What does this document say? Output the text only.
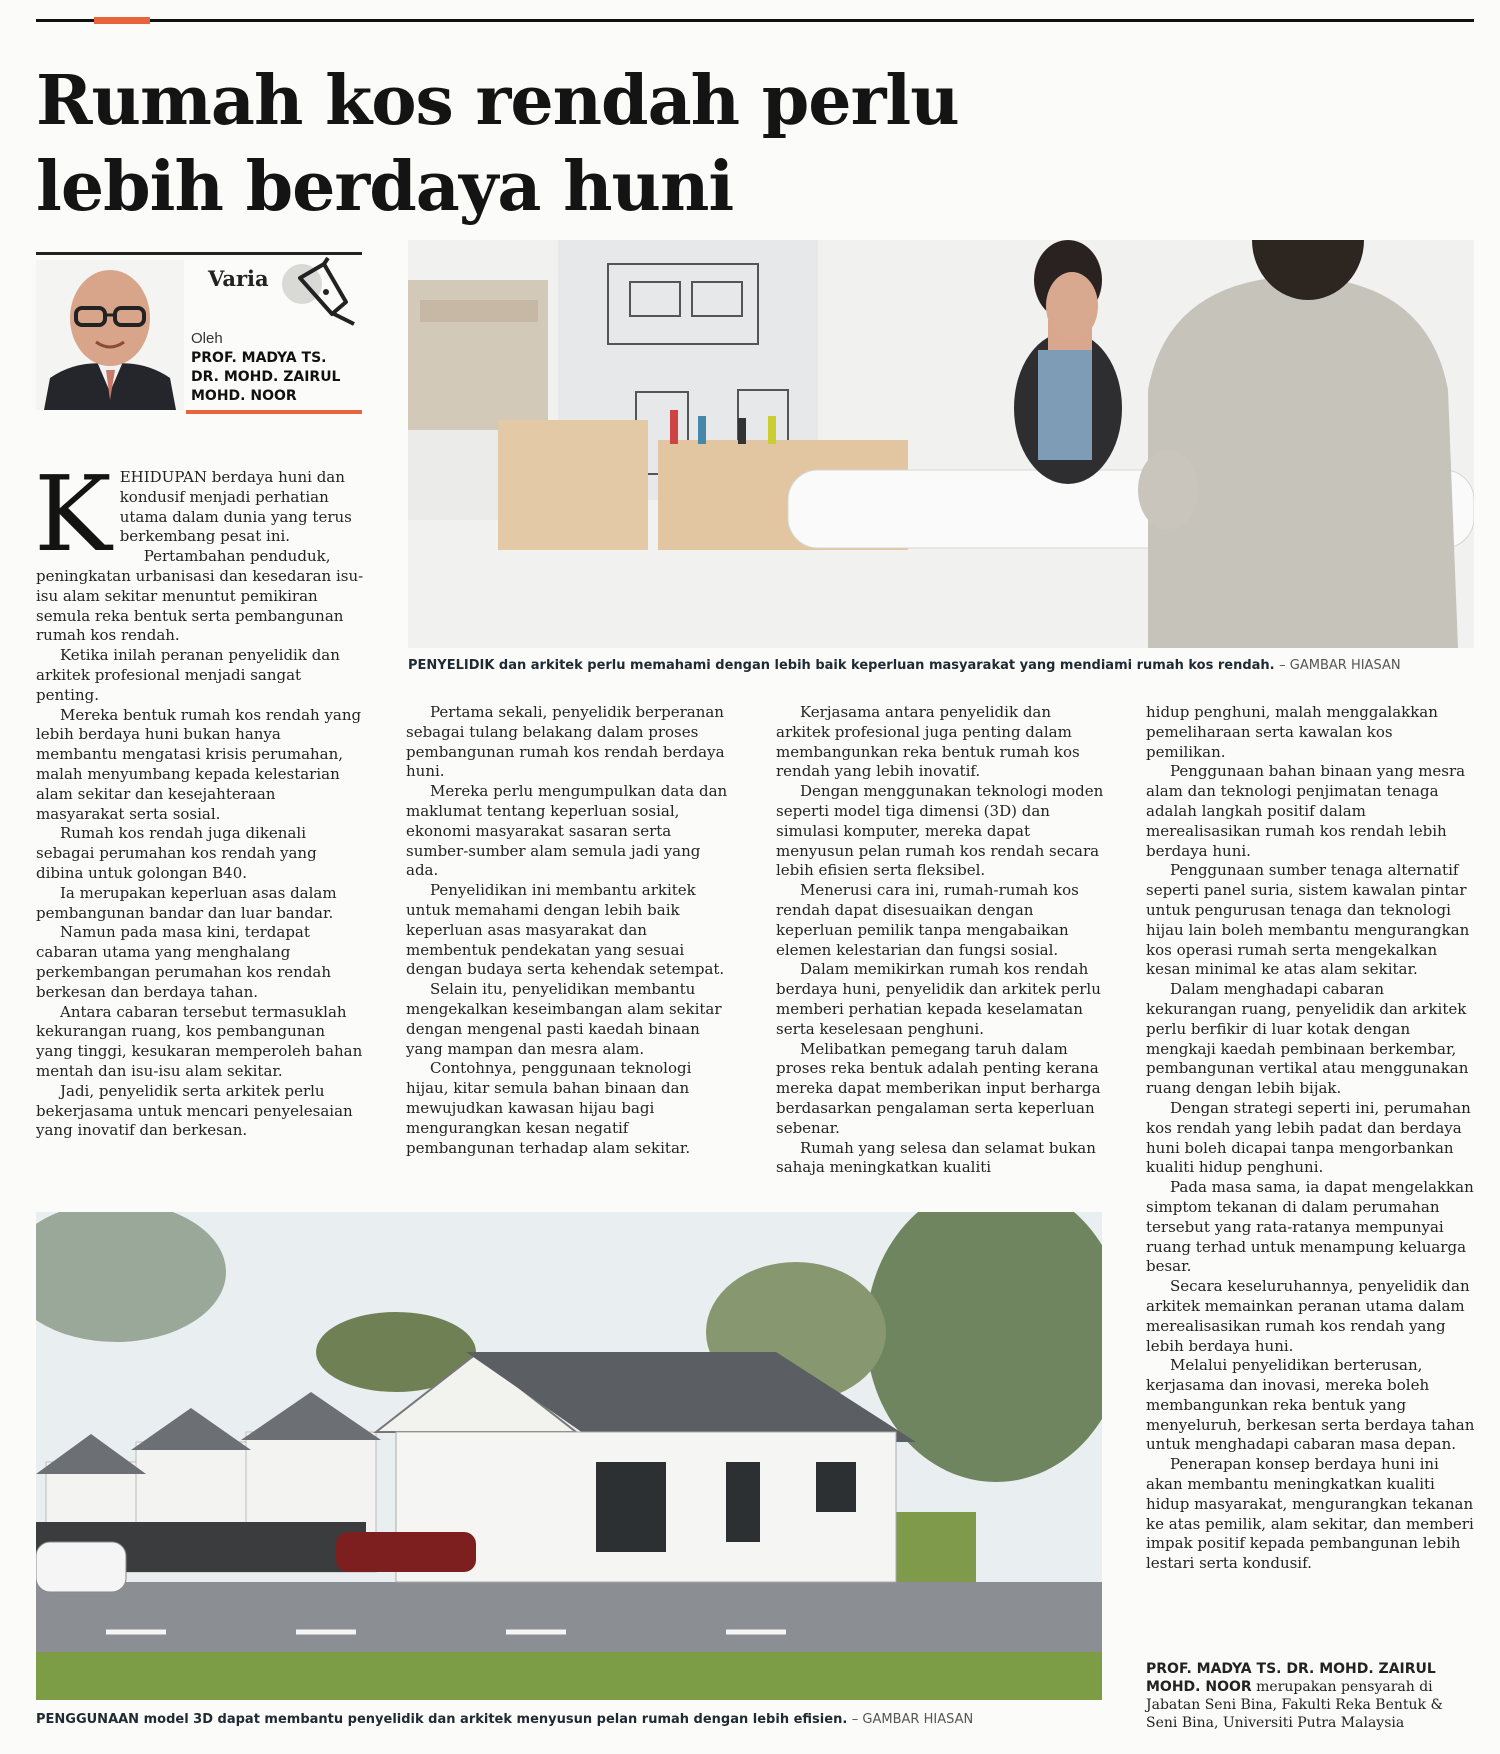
Rumah kos rendah perlu lebih berdaya huni
Varia
Oleh
PROF. MADYA TS. DR. MOHD. ZAIRUL MOHD. NOOR

KEHIDUPAN berdaya huni dan kondusif menjadi perhatian utama dalam dunia yang terus berkembang pesat ini.

Pertambahan penduduk, peningkatan urbanisasi dan kesedaran isu-isu alam sekitar menuntut pemikiran semula reka bentuk serta pembangunan rumah kos rendah.

Ketika inilah peranan penyelidik dan arkitek profesional menjadi sangat penting.

Mereka bentuk rumah kos rendah yang lebih berdaya huni bukan hanya membantu mengatasi krisis perumahan, malah menyumbang kepada kelestarian alam sekitar dan kesejahteraan masyarakat serta sosial.

Rumah kos rendah juga dikenali sebagai perumahan kos rendah yang dibina untuk golongan B40.

Ia merupakan keperluan asas dalam pembangunan bandar dan luar bandar.

Namun pada masa kini, terdapat cabaran utama yang menghalang perkembangan perumahan kos rendah berkesan dan berdaya tahan.

Antara cabaran tersebut termasuklah kekurangan ruang, kos pembangunan yang tinggi, kesukaran memperoleh bahan mentah dan isu-isu alam sekitar.

Jadi, penyelidik serta arkitek perlu bekerjasama untuk mencari penyelesaian yang inovatif dan berkesan.

PENYELIDIK dan arkitek perlu memahami dengan lebih baik keperluan masyarakat yang mendiami rumah kos rendah. – GAMBAR HIASAN

Pertama sekali, penyelidik berperanan sebagai tulang belakang dalam proses pembangunan rumah kos rendah berdaya huni.

Mereka perlu mengumpulkan data dan maklumat tentang keperluan sosial, ekonomi masyarakat sasaran serta sumber-sumber alam semula jadi yang ada.

Penyelidikan ini membantu arkitek untuk memahami dengan lebih baik keperluan asas masyarakat dan membentuk pendekatan yang sesuai dengan budaya serta kehendak setempat.

Selain itu, penyelidikan membantu mengekalkan keseimbangan alam sekitar dengan mengenal pasti kaedah binaan yang mampan dan mesra alam.

Contohnya, penggunaan teknologi hijau, kitar semula bahan binaan dan mewujudkan kawasan hijau bagi mengurangkan kesan negatif pembangunan terhadap alam sekitar.

Kerjasama antara penyelidik dan arkitek profesional juga penting dalam membangunkan reka bentuk rumah kos rendah yang lebih inovatif.

Dengan menggunakan teknologi moden seperti model tiga dimensi (3D) dan simulasi komputer, mereka dapat menyusun pelan rumah kos rendah secara lebih efisien serta fleksibel.

Menerusi cara ini, rumah-rumah kos rendah dapat disesuaikan dengan keperluan pemilik tanpa mengabaikan elemen kelestarian dan fungsi sosial.

Dalam memikirkan rumah kos rendah berdaya huni, penyelidik dan arkitek perlu memberi perhatian kepada keselamatan serta keselesaan penghuni.

Melibatkan pemegang taruh dalam proses reka bentuk adalah penting kerana mereka dapat memberikan input berharga berdasarkan pengalaman serta keperluan sebenar.

Rumah yang selesa dan selamat bukan sahaja meningkatkan kualiti

hidup penghuni, malah menggalakkan pemeliharaan serta kawalan kos pemilikan.

Penggunaan bahan binaan yang mesra alam dan teknologi penjimatan tenaga adalah langkah positif dalam merealisasikan rumah kos rendah lebih berdaya huni.

Penggunaan sumber tenaga alternatif seperti panel suria, sistem kawalan pintar untuk pengurusan tenaga dan teknologi hijau lain boleh membantu mengurangkan kos operasi rumah serta mengekalkan kesan minimal ke atas alam sekitar.

Dalam menghadapi cabaran kekurangan ruang, penyelidik dan arkitek perlu berfikir di luar kotak dengan mengkaji kaedah pembinaan berkembar, pembangunan vertikal atau menggunakan ruang dengan lebih bijak.

Dengan strategi seperti ini, perumahan kos rendah yang lebih padat dan berdaya huni boleh dicapai tanpa mengorbankan kualiti hidup penghuni.

Pada masa sama, ia dapat mengelakkan simptom tekanan di dalam perumahan tersebut yang rata-ratanya mempunyai ruang terhad untuk menampung keluarga besar.

Secara keseluruhannya, penyelidik dan arkitek memainkan peranan utama dalam merealisasikan rumah kos rendah yang lebih berdaya huni.

Melalui penyelidikan berterusan, kerjasama dan inovasi, mereka boleh membangunkan reka bentuk yang menyeluruh, berkesan serta berdaya tahan untuk menghadapi cabaran masa depan.

Penerapan konsep berdaya huni ini akan membantu meningkatkan kualiti hidup masyarakat, mengurangkan tekanan ke atas pemilik, alam sekitar, dan memberi impak positif kepada pembangunan lebih lestari serta kondusif.

PENGGUNAAN model 3D dapat membantu penyelidik dan arkitek menyusun pelan rumah dengan lebih efisien. – GAMBAR HIASAN
PROF. MADYA TS. DR. MOHD. ZAIRUL MOHD. NOOR merupakan pensyarah di Jabatan Seni Bina, Fakulti Reka Bentuk & Seni Bina, Universiti Putra Malaysia
